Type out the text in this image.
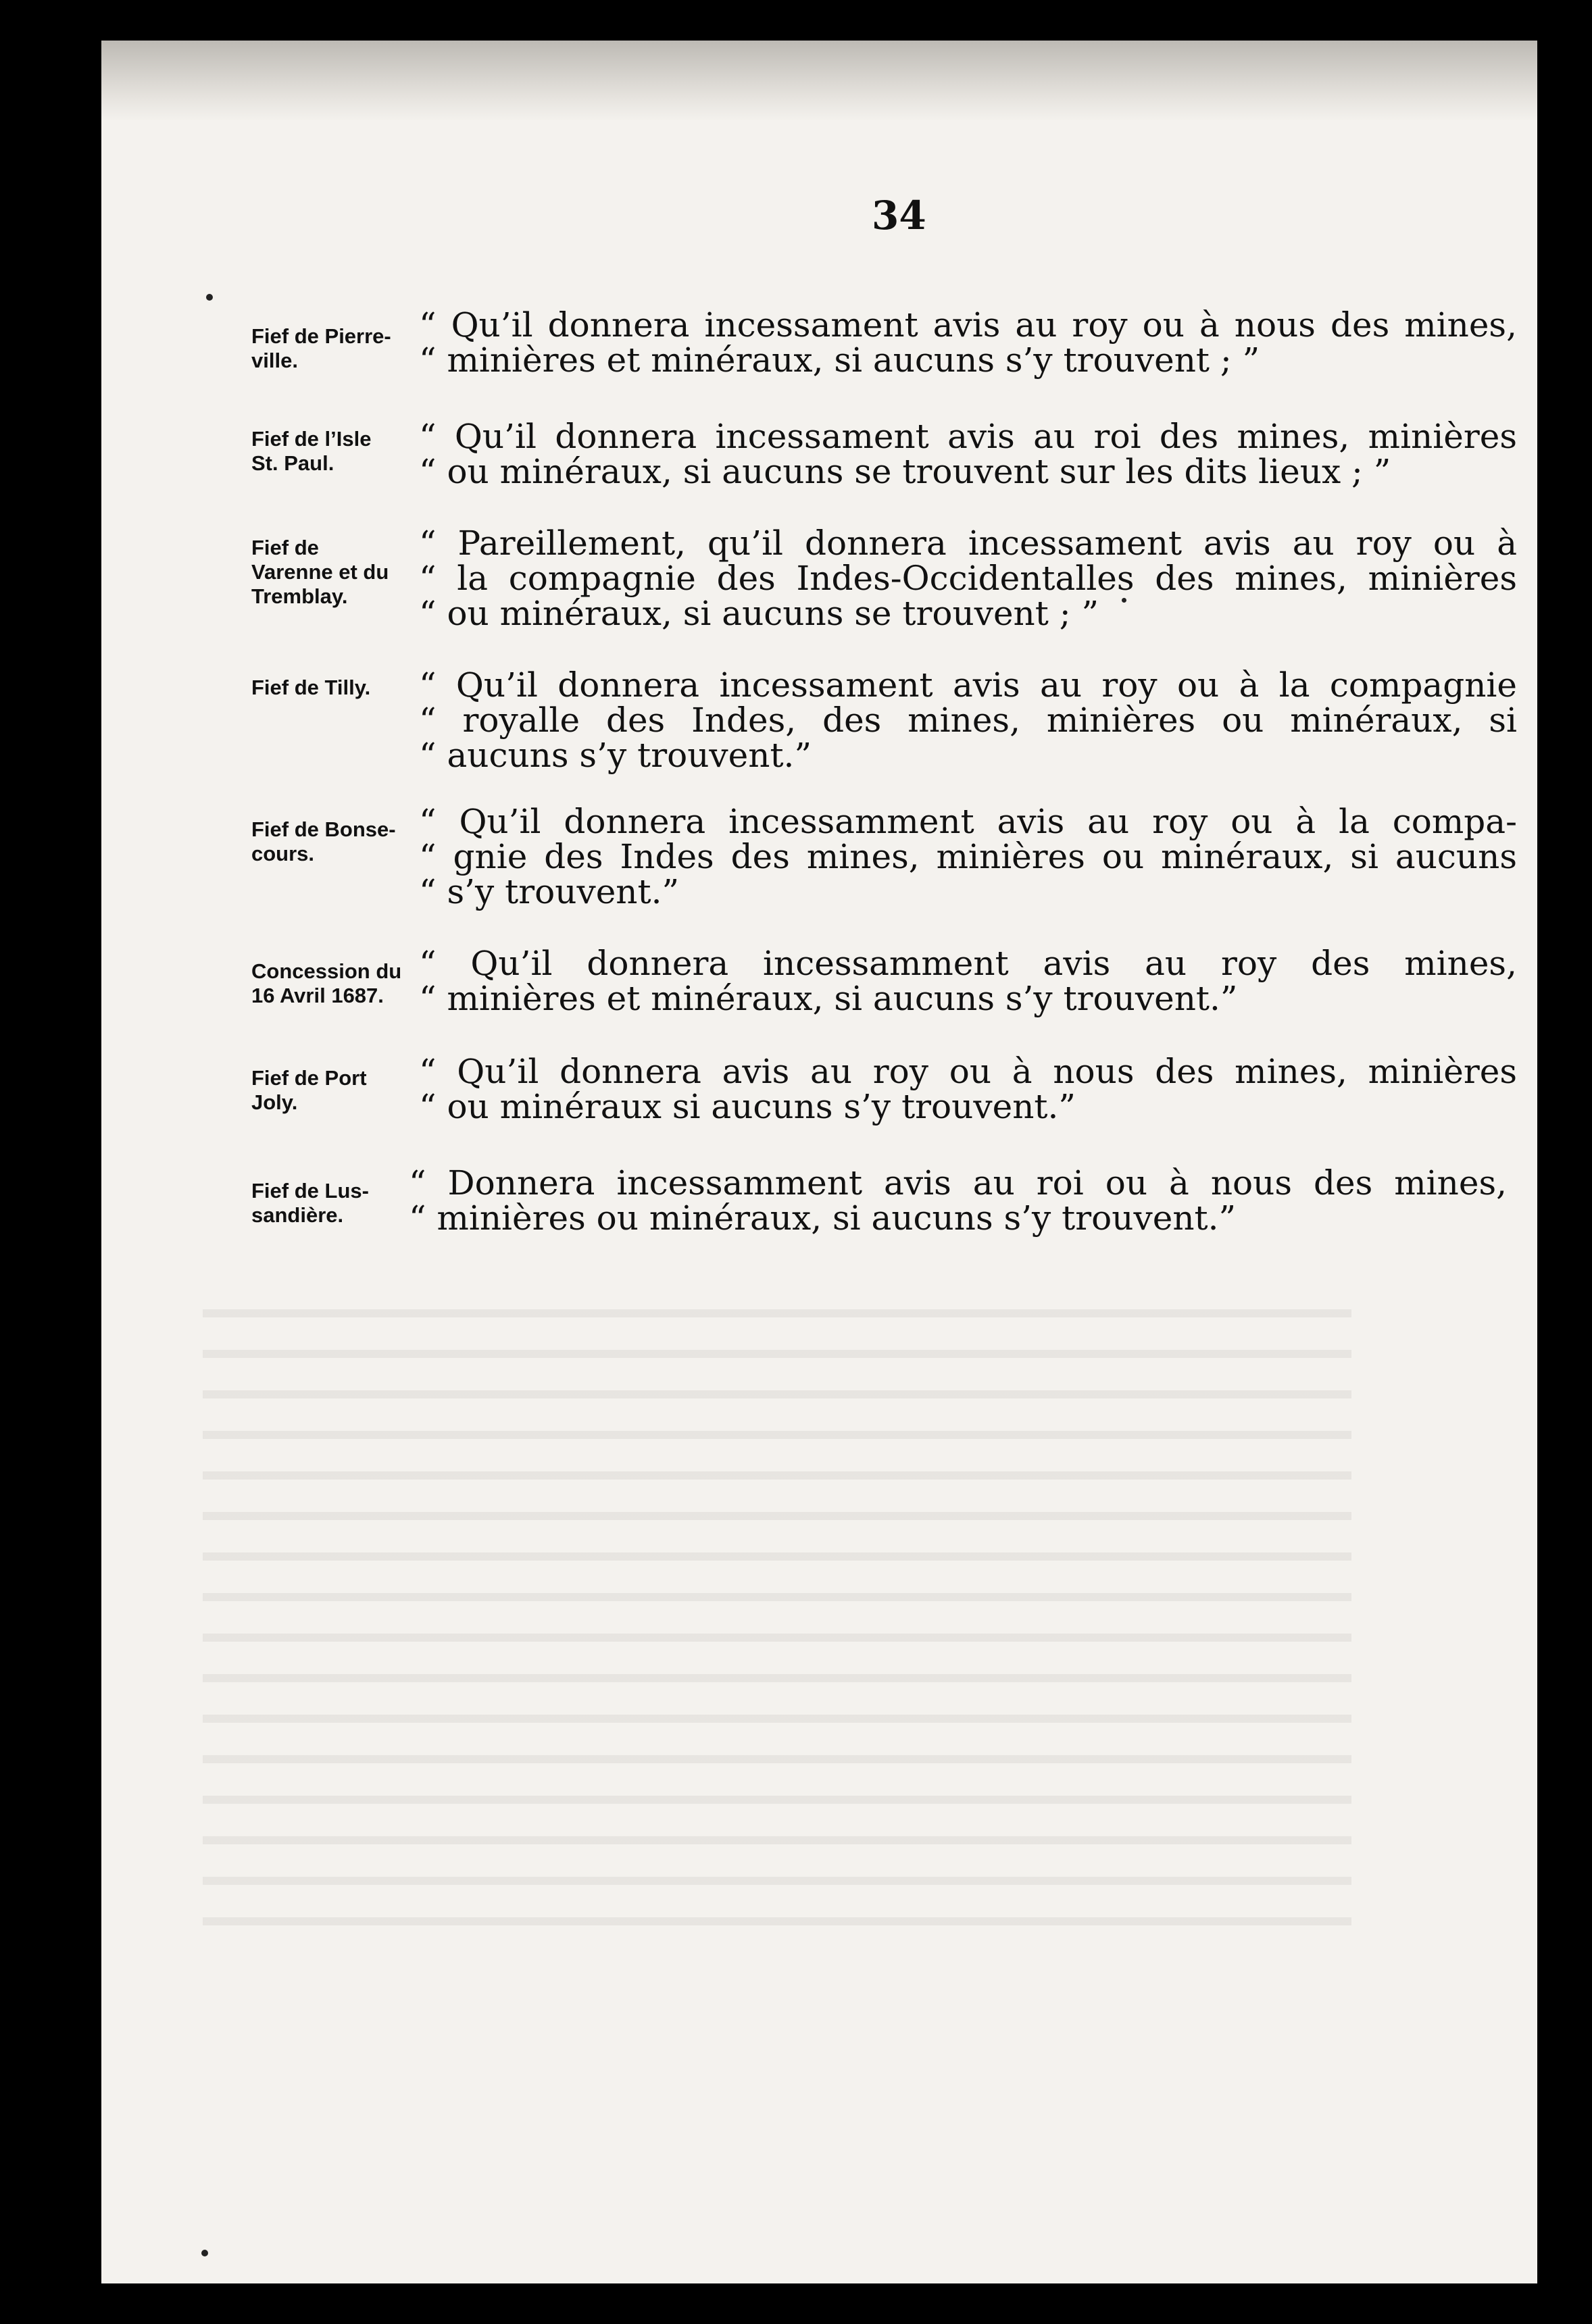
34
Fief de Pierre-
ville.
“ Qu’il donnera incessament avis au roy ou à nous des mines,
“ minières et minéraux, si aucuns s’y trouvent ; ”
Fief de l’Isle
St. Paul.
“ Qu’il donnera incessament avis au roi des mines, minières
“ ou minéraux, si aucuns se trouvent sur les dits lieux ; ”
Fief de
Varenne et du
Tremblay.
“ Pareillement, qu’il donnera incessament avis au roy ou à
“ la compagnie des Indes-Occidentalles des mines, minières
“ ou minéraux, si aucuns se trouvent ; ”
Fief de Tilly.	“ Qu’il donnera incessament avis au roy ou à la compagnie
“ royalle des Indes, des mines, minières ou minéraux, si
“ aucuns s’y trouvent.”
Fief de Bonse-
cours.
“ Qu’il donnera incessamment avis au roy ou à la compa-
“ gnie des Indes des mines, minières ou minéraux, si aucuns
“ s’y trouvent.”
Concession du
16 Avril 1687.
“ Qu’il donnera incessamment avis au roy des mines,
“ minières et minéraux, si aucuns s’y trouvent.”
Fief de Port
Joly.
“ Qu’il donnera avis au roy ou à nous des mines, minières
“ ou minéraux si aucuns s’y trouvent.”
Fief de Lus-
sandière.
“ Donnera incessamment avis au roi ou à nous des mines,
“ minières ou minéraux, si aucuns s’y trouvent.”
